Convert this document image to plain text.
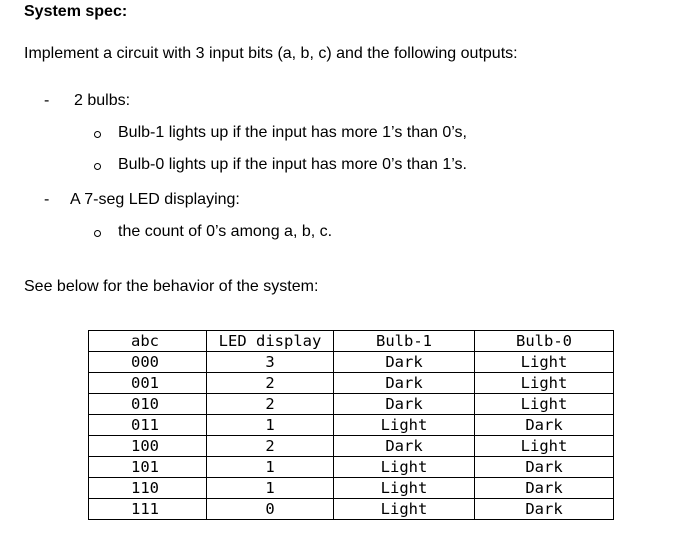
System spec:
Implement a circuit with 3 input bits (a, b, c) and the following outputs:
- 2 bulbs:
Bulb-1 lights up if the input has more 1’s than 0’s,
Bulb-0 lights up if the input has more 0’s than 1’s.
- A 7-seg LED displaying:
the count of 0’s among a, b, c.
See below for the behavior of the system:
abc	LED display	Bulb-1	Bulb-0
000	3	Dark	Light
001	2	Dark	Light
010	2	Dark	Light
011	1	Light	Dark
100	2	Dark	Light
101	1	Light	Dark
110	1	Light	Dark
111	0	Light	Dark
